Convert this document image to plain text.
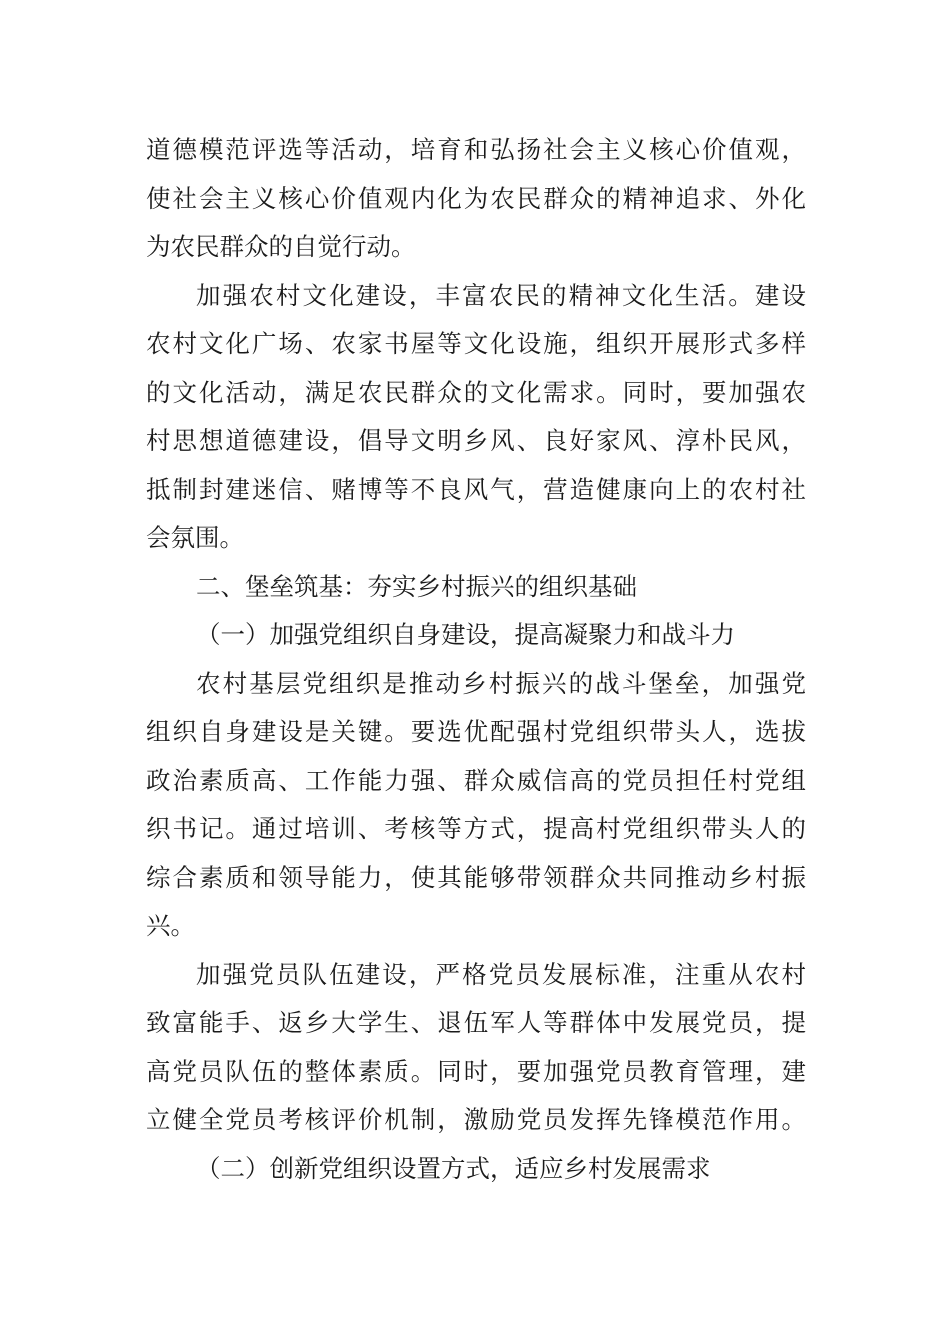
道德模范评选等活动，培育和弘扬社会主义核心价值观，
使社会主义核心价值观内化为农民群众的精神追求、外化
为农民群众的自觉行动。
加强农村文化建设，丰富农民的精神文化生活。建设
农村文化广场、农家书屋等文化设施，组织开展形式多样
的文化活动，满足农民群众的文化需求。同时，要加强农
村思想道德建设，倡导文明乡风、良好家风、淳朴民风，
抵制封建迷信、赌博等不良风气，营造健康向上的农村社
会氛围。
二、堡垒筑基：夯实乡村振兴的组织基础
（一）加强党组织自身建设，提高凝聚力和战斗力
农村基层党组织是推动乡村振兴的战斗堡垒，加强党
组织自身建设是关键。要选优配强村党组织带头人，选拔
政治素质高、工作能力强、群众威信高的党员担任村党组
织书记。通过培训、考核等方式，提高村党组织带头人的
综合素质和领导能力，使其能够带领群众共同推动乡村振
兴。
加强党员队伍建设，严格党员发展标准，注重从农村
致富能手、返乡大学生、退伍军人等群体中发展党员，提
高党员队伍的整体素质。同时，要加强党员教育管理，建
立健全党员考核评价机制，激励党员发挥先锋模范作用。
（二）创新党组织设置方式，适应乡村发展需求
